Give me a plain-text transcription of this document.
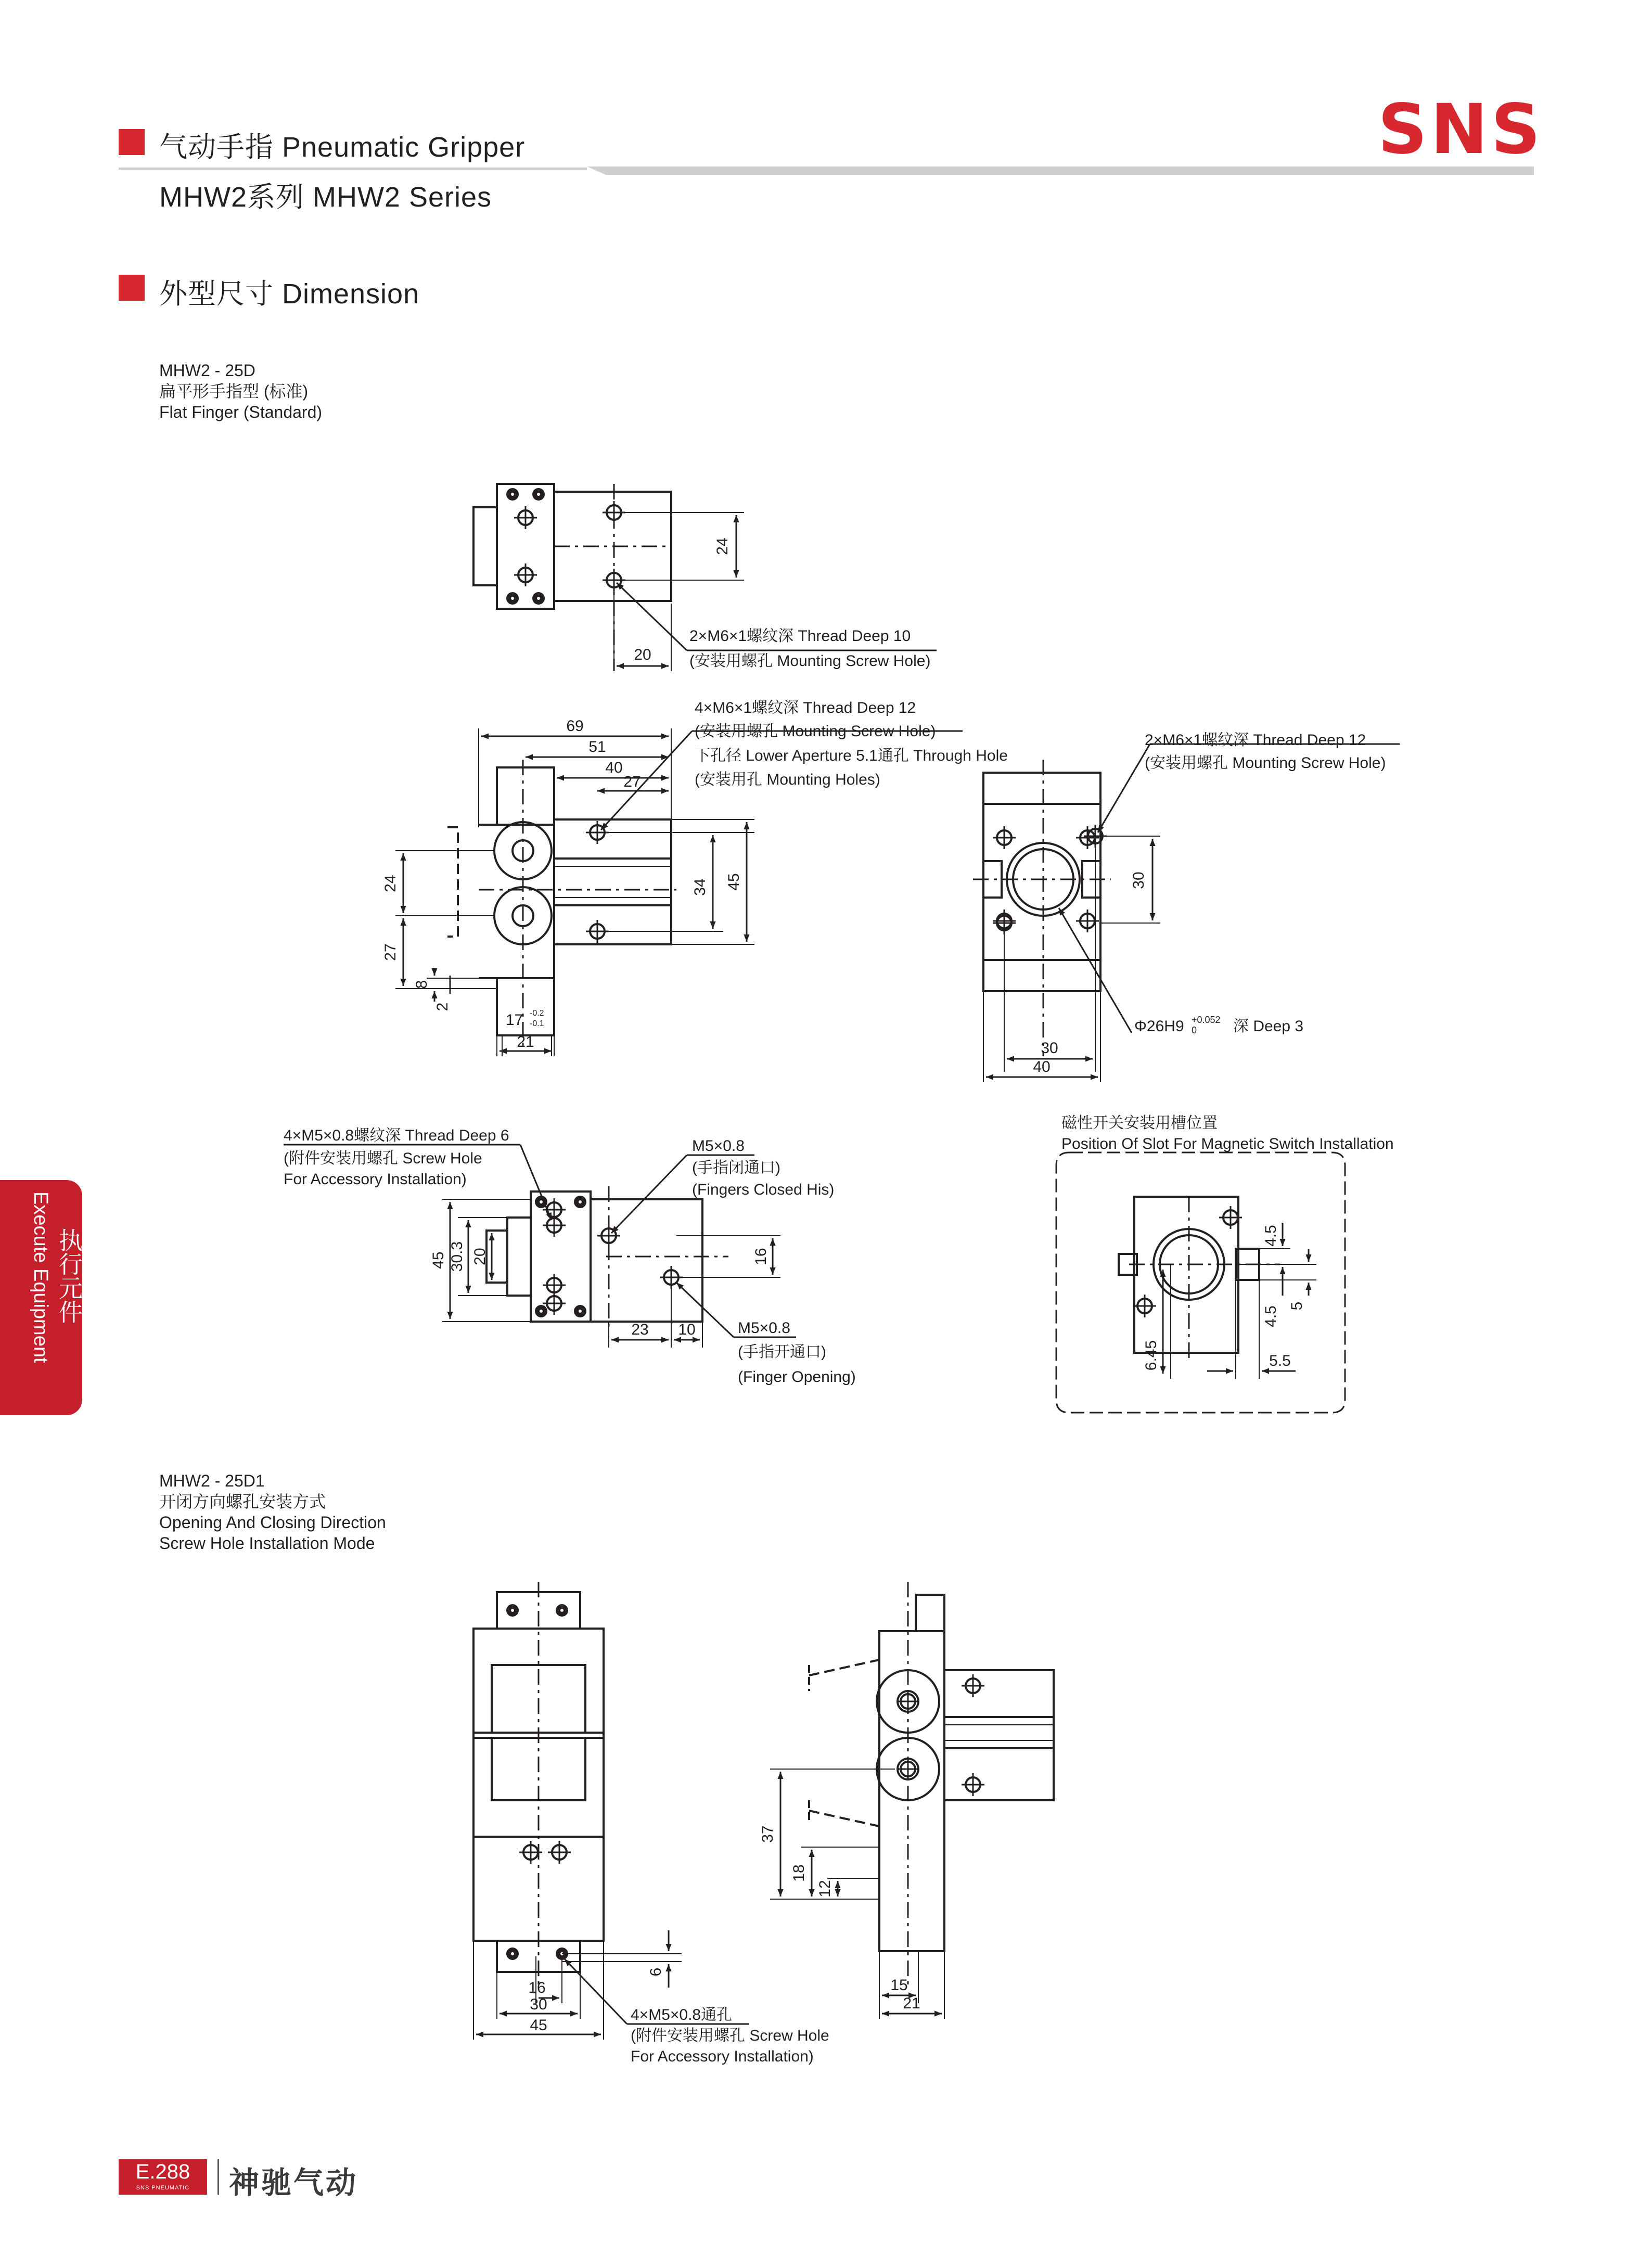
气动手指 Pneumatic Gripper
MHW2系列 MHW2 Series
SNS
外型尺寸 Dimension
MHW2 - 25D
扁平形手指型 (标准)
Flat Finger (Standard)
MHW2 - 25D1
开闭方向螺孔安装方式
Opening And Closing Direction
Screw Hole Installation Mode
Execute Equipment 执行元件
24
20
2×M6×1螺纹深 Thread Deep 10
(安装用螺孔 Mounting Screw Hole)
69
51
40
27
34 45
24
27
8
2
17 -0.2
-0.1
21
4×M6×1螺纹深 Thread Deep 12
(安装用螺孔 Mounting Screw Hole)
下孔径 Lower Aperture 5.1通孔 Through Hole
(安装用孔 Mounting Holes)
2×M6×1螺纹深 Thread Deep 12
(安装用螺孔 Mounting Screw Hole)
30
30
40
Φ26H9 +0.052
0 深 Deep 3
4×M5×0.8螺纹深 Thread Deep 6
(附件安装用螺孔 Screw Hole
For Accessory Installation)
M5×0.8
(手指闭通口)
(Fingers Closed His)
M5×0.8
(手指开通口)
(Finger Opening)
45 30.3 20	16
23 10
磁性开关安装用槽位置
Position Of Slot For Magnetic Switch Installation
4.5
4.5 5
6.45	5.5
6
16
30
45
4×M5×0.8通孔
(附件安装用螺孔 Screw Hole
For Accessory Installation)
37
18
12
15
21
E.288
SNS PNEUMATIC	神驰气动
